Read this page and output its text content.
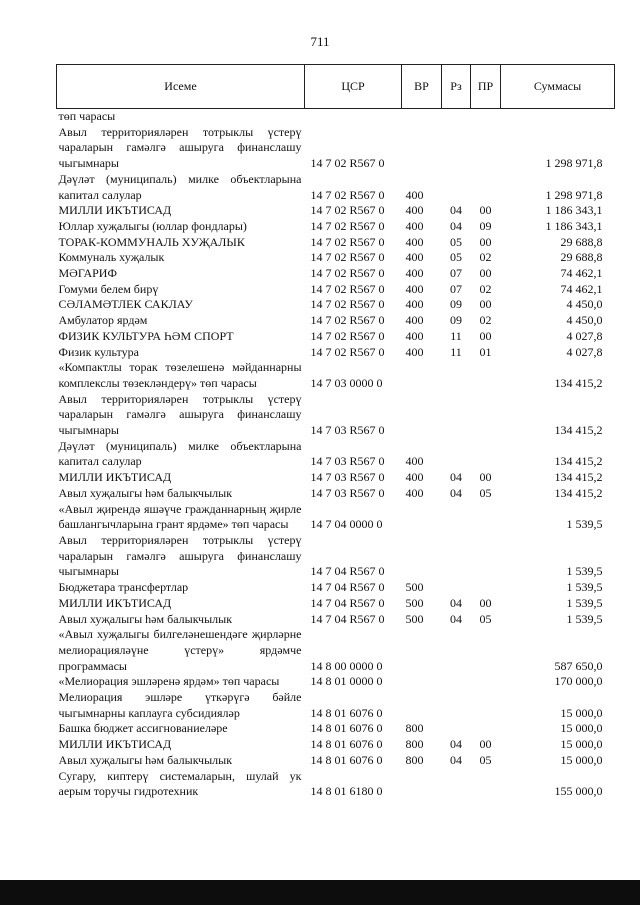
711
Исеме	ЦСР	ВР	Рз	ПР	Суммасы
төп чарасы					
Авыл территорияләрен тотрыклы үстерү чараларын гамәлгә ашыруга финанслашу чыгымнары	14 7 02 R567 0				1 298 971,8
Дәүләт (муниципаль) милке объектларына капитал салулар	14 7 02 R567 0	400			1 298 971,8
МИЛЛИ ИКЪТИСАД	14 7 02 R567 0	400	04	00	1 186 343,1
Юллар хуҗалыгы (юллар фондлары)	14 7 02 R567 0	400	04	09	1 186 343,1
ТОРАК-КОММУНАЛЬ ХУҖАЛЫК	14 7 02 R567 0	400	05	00	29 688,8
Коммуналь хуҗалык	14 7 02 R567 0	400	05	02	29 688,8
МӘГАРИФ	14 7 02 R567 0	400	07	00	74 462,1
Гомуми белем бирү	14 7 02 R567 0	400	07	02	74 462,1
СӘЛАМӘТЛЕК САКЛАУ	14 7 02 R567 0	400	09	00	4 450,0
Амбулатор ярдәм	14 7 02 R567 0	400	09	02	4 450,0
ФИЗИК КУЛЬТУРА ҺӘМ СПОРТ	14 7 02 R567 0	400	11	00	4 027,8
Физик культура	14 7 02 R567 0	400	11	01	4 027,8
«Компактлы торак төзелешенә мәйданнарны комплекслы төзекләндерү» төп чарасы	14 7 03 0000 0				134 415,2
Авыл территорияләрен тотрыклы үстерү чараларын гамәлгә ашыруга финанслашу чыгымнары	14 7 03 R567 0				134 415,2
Дәүләт (муниципаль) милке объектларына капитал салулар	14 7 03 R567 0	400			134 415,2
МИЛЛИ ИКЪТИСАД	14 7 03 R567 0	400	04	00	134 415,2
Авыл хуҗалыгы һәм балыкчылык	14 7 03 R567 0	400	04	05	134 415,2
«Авыл җирендә яшәүче гражданнарның җирле башлангычларына грант ярдәме» төп чарасы	14 7 04 0000 0				1 539,5
Авыл территорияләрен тотрыклы үстерү чараларын гамәлгә ашыруга финанслашу чыгымнары	14 7 04 R567 0				1 539,5
Бюджетара трансфертлар	14 7 04 R567 0	500			1 539,5
МИЛЛИ ИКЪТИСАД	14 7 04 R567 0	500	04	00	1 539,5
Авыл хуҗалыгы һәм балыкчылык	14 7 04 R567 0	500	04	05	1 539,5
«Авыл хуҗалыгы билгеләнешендәге җирләрне мелиорацияләүне үстерү» ярдәмче программасы	14 8 00 0000 0				587 650,0
«Мелиорация эшләренә ярдәм» төп чарасы	14 8 01 0000 0				170 000,0
Мелиорация эшләре үткәрүгә бәйле чыгымнарны каплауга субсидияләр	14 8 01 6076 0				15 000,0
Башка бюджет ассигнованиеләре	14 8 01 6076 0	800			15 000,0
МИЛЛИ ИКЪТИСАД	14 8 01 6076 0	800	04	00	15 000,0
Авыл хуҗалыгы һәм балыкчылык	14 8 01 6076 0	800	04	05	15 000,0
Сугару, киптерү системаларын, шулай ук аерым торучы гидротехник	14 8 01 6180 0				155 000,0
